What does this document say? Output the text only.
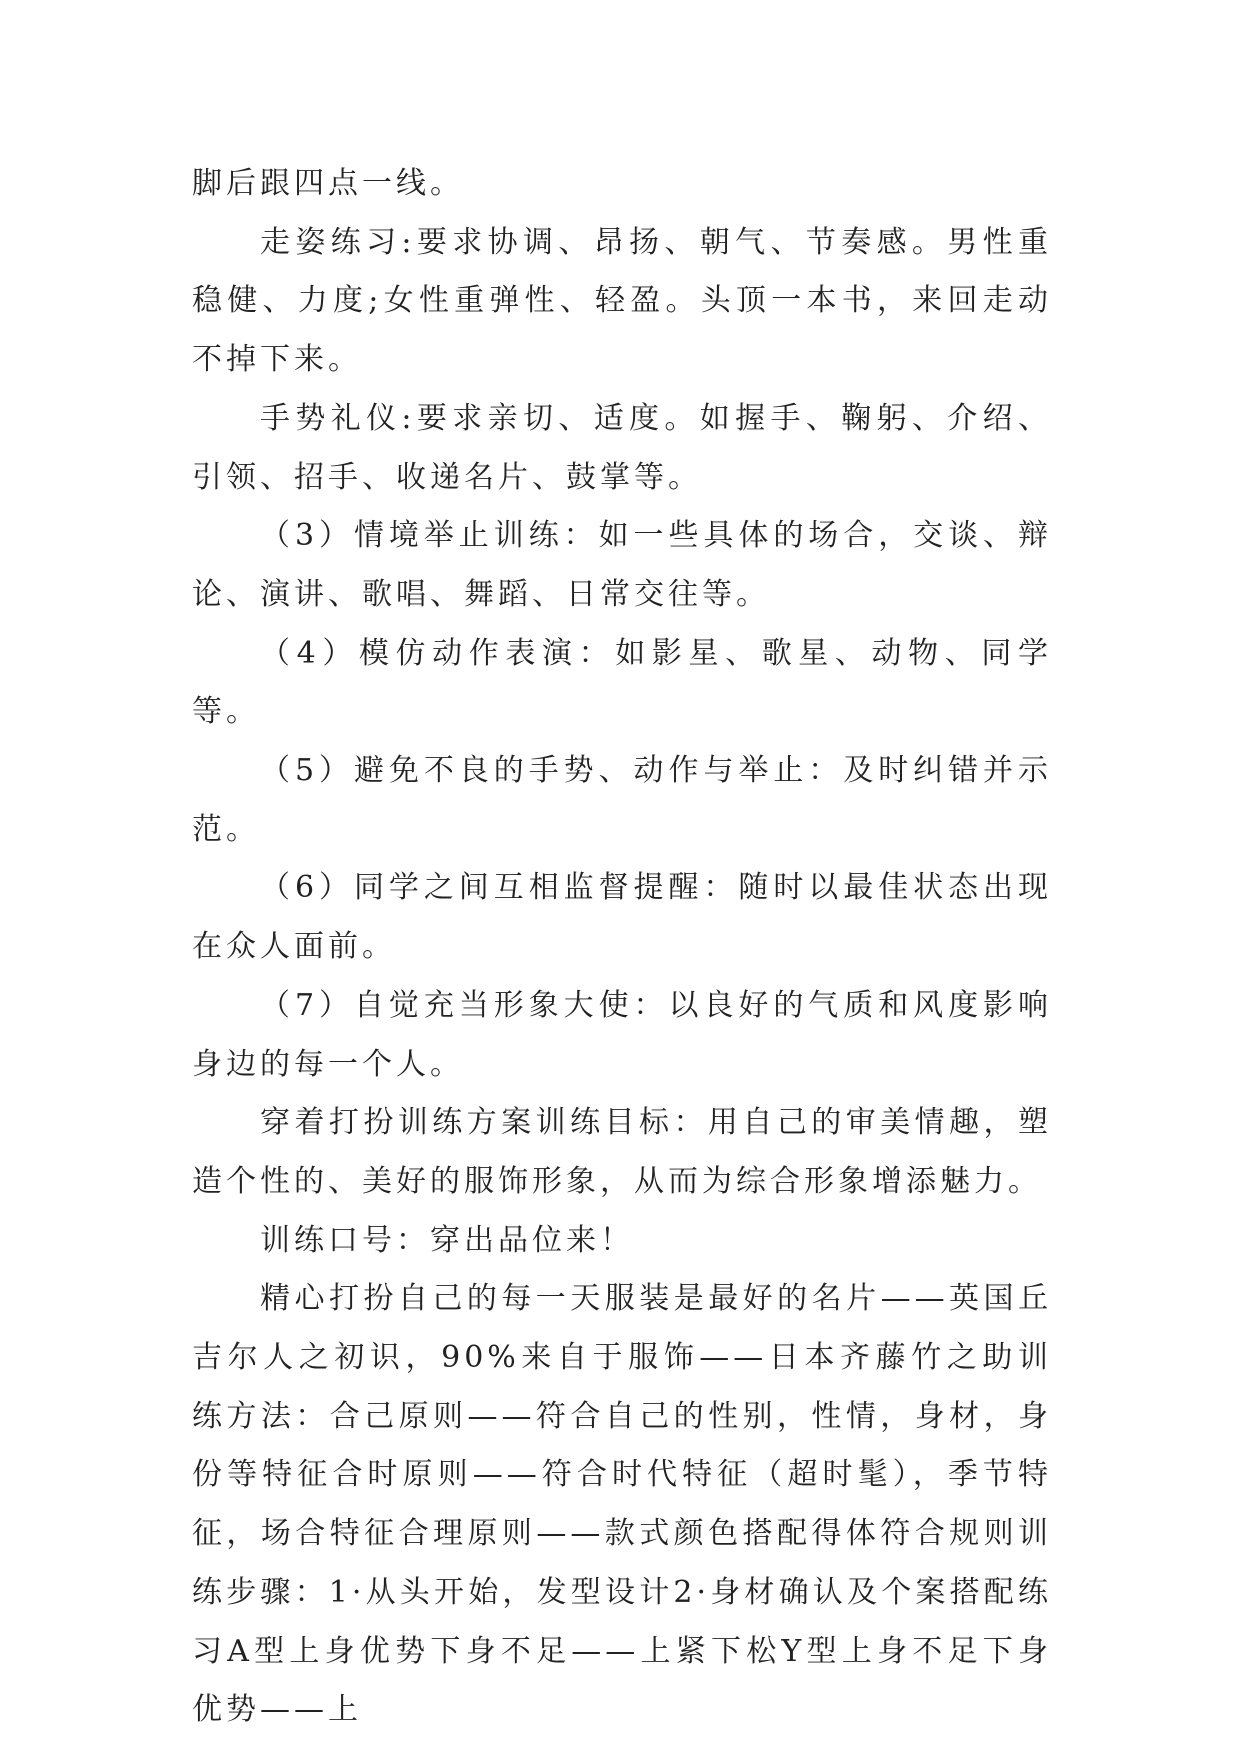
脚后跟四点一线。

走姿练习:要求协调、昂扬、朝气、节奏感。男性重稳健、力度;女性重弹性、轻盈。头顶一本书，来回走动不掉下来。

手势礼仪:要求亲切、适度。如握手、鞠躬、介绍、引领、招手、收递名片、鼓掌等。

（3）情境举止训练：如一些具体的场合，交谈、辩论、演讲、歌唱、舞蹈、日常交往等。

（4）模仿动作表演：如影星、歌星、动物、同学等。

（5）避免不良的手势、动作与举止：及时纠错并示范。

（6）同学之间互相监督提醒：随时以最佳状态出现在众人面前。

（7）自觉充当形象大使：以良好的气质和风度影响身边的每一个人。

穿着打扮训练方案训练目标：用自己的审美情趣，塑造个性的、美好的服饰形象，从而为综合形象增添魅力。

训练口号：穿出品位来！

精心打扮自己的每一天服装是最好的名片——英国丘吉尔人之初识，90%来自于服饰——日本齐藤竹之助训练方法：合己原则——符合自己的性别，性情，身材，身份等特征合时原则——符合时代特征（超时髦），季节特征，场合特征合理原则——款式颜色搭配得体符合规则训练步骤：1·从头开始，发型设计2·身材确认及个案搭配练习A型上身优势下身不足——上紧下松Y型上身不足下身优势——上
